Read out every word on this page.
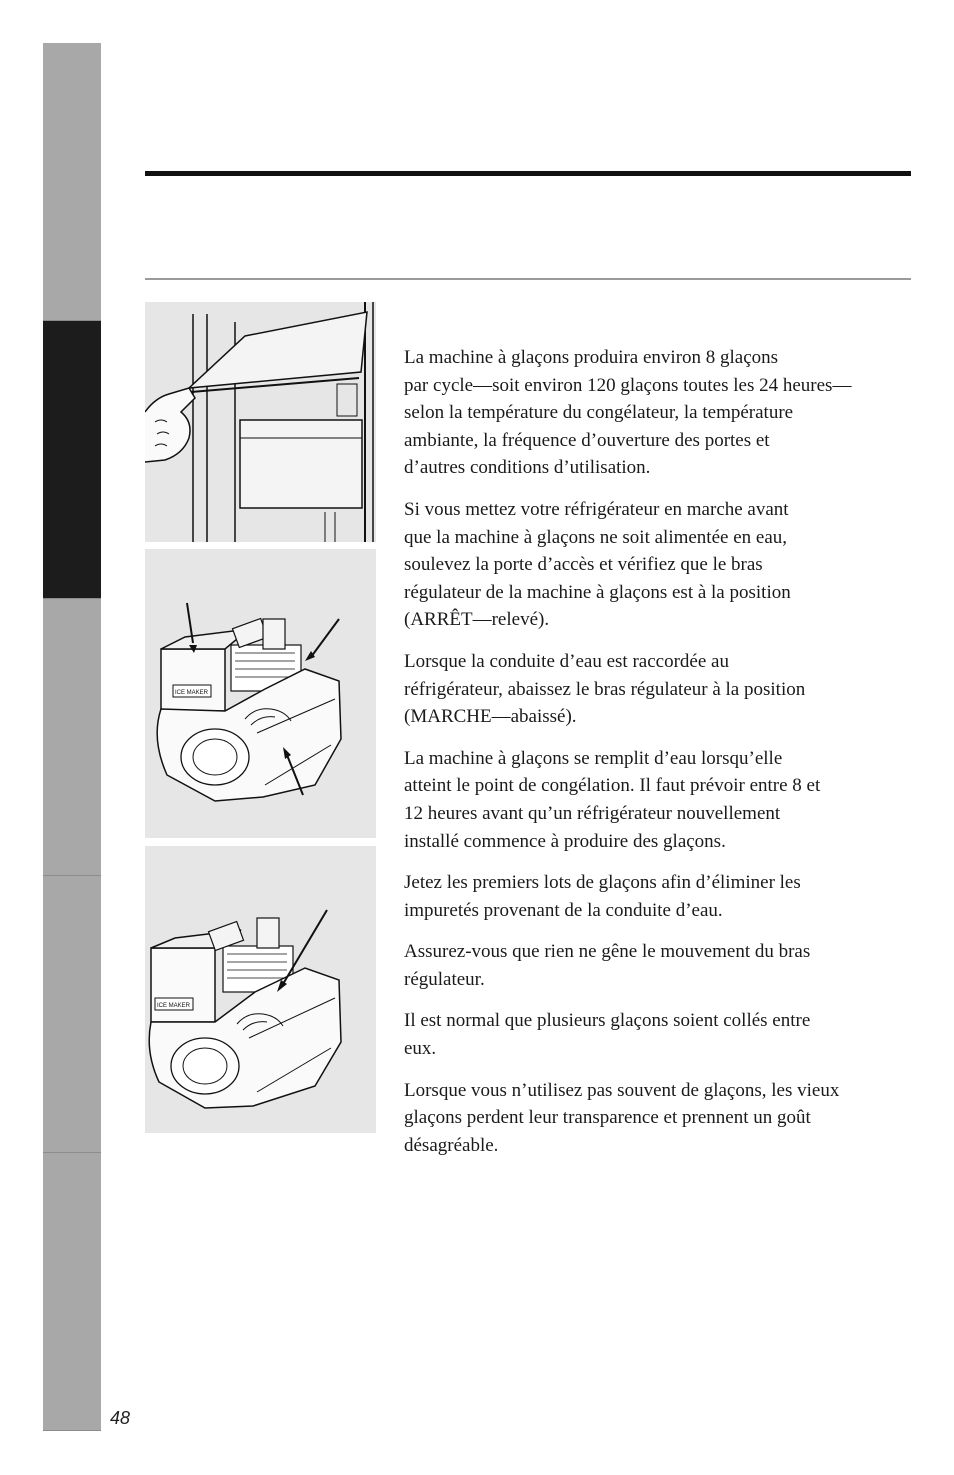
ICE MAKER
ICE MAKER

La machine à glaçons produira environ 8 glaçons
par cycle—soit environ 120 glaçons toutes les 24 heures—
selon la température du congélateur, la température
ambiante, la fréquence d’ouverture des portes et
d’autres conditions d’utilisation.

Si vous mettez votre réfrigérateur en marche avant
que la machine à glaçons ne soit alimentée en eau,
soulevez la porte d’accès et vérifiez que le bras
régulateur de la machine à glaçons est à la position
(ARRÊT—relevé).

Lorsque la conduite d’eau est raccordée au
réfrigérateur, abaissez le bras régulateur à la position
(MARCHE—abaissé).

La machine à glaçons se remplit d’eau lorsqu’elle
atteint le point de congélation. Il faut prévoir entre 8 et
12 heures avant qu’un réfrigérateur nouvellement
installé commence à produire des glaçons.

Jetez les premiers lots de glaçons afin d’éliminer les
impuretés provenant de la conduite d’eau.

Assurez-vous que rien ne gêne le mouvement du bras
régulateur.

Il est normal que plusieurs glaçons soient collés entre
eux.

Lorsque vous n’utilisez pas souvent de glaçons, les vieux
glaçons perdent leur transparence et prennent un goût
désagréable.

48
